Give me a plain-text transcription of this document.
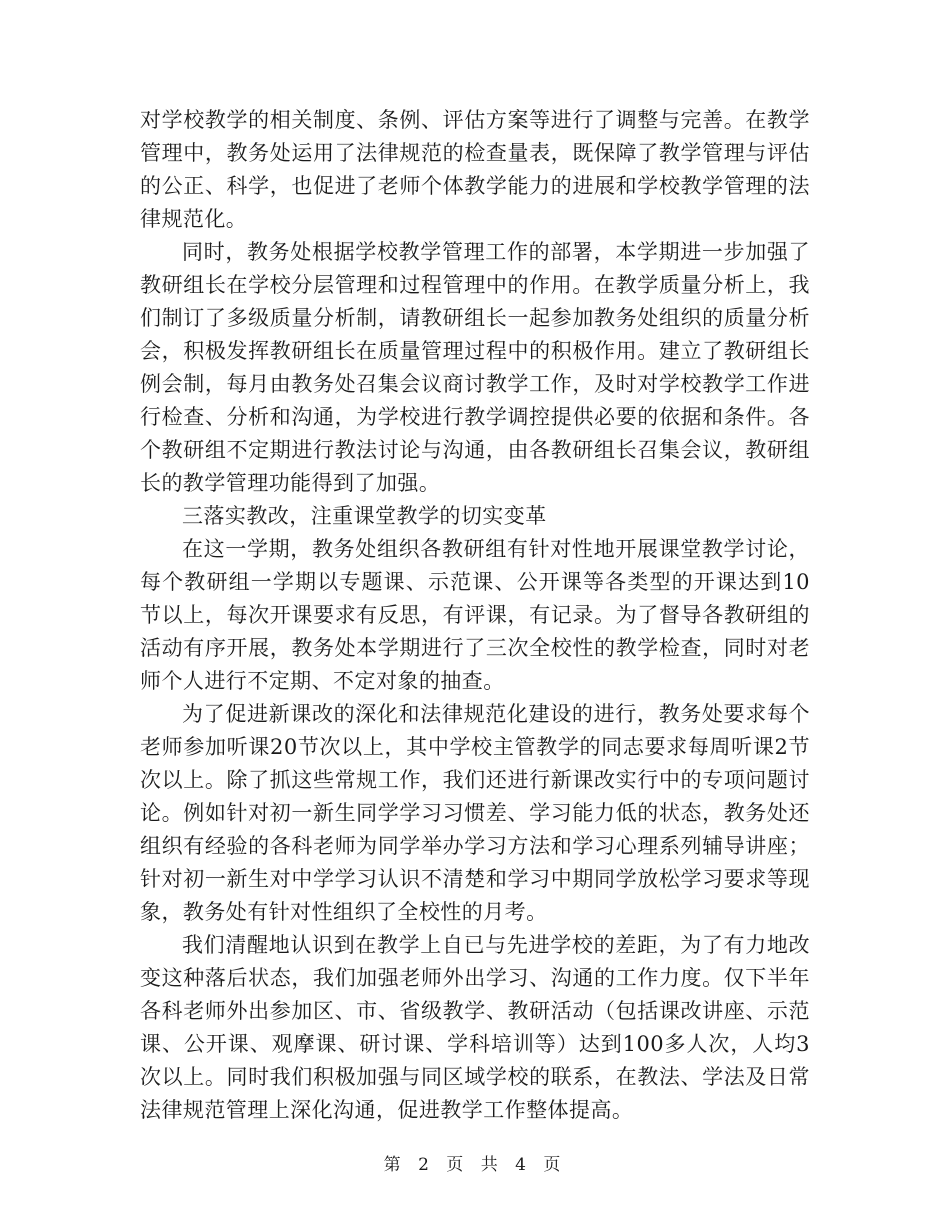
对学校教学的相关制度、条例、评估方案等进行了调整与完善。在教学管理中，教务处运用了法律规范的检查量表，既保障了教学管理与评估的公正、科学，也促进了老师个体教学能力的进展和学校教学管理的法律规范化。

同时，教务处根据学校教学管理工作的部署，本学期进一步加强了教研组长在学校分层管理和过程管理中的作用。在教学质量分析上，我们制订了多级质量分析制，请教研组长一起参加教务处组织的质量分析会，积极发挥教研组长在质量管理过程中的积极作用。建立了教研组长例会制，每月由教务处召集会议商讨教学工作，及时对学校教学工作进行检查、分析和沟通，为学校进行教学调控提供必要的依据和条件。各个教研组不定期进行教法讨论与沟通，由各教研组长召集会议，教研组长的教学管理功能得到了加强。

三落实教改，注重课堂教学的切实变革

在这一学期，教务处组织各教研组有针对性地开展课堂教学讨论，每个教研组一学期以专题课、示范课、公开课等各类型的开课达到10节以上，每次开课要求有反思，有评课，有记录。为了督导各教研组的活动有序开展，教务处本学期进行了三次全校性的教学检查，同时对老师个人进行不定期、不定对象的抽查。

为了促进新课改的深化和法律规范化建设的进行，教务处要求每个老师参加听课20节次以上，其中学校主管教学的同志要求每周听课2节次以上。除了抓这些常规工作，我们还进行新课改实行中的专项问题讨论。例如针对初一新生同学学习习惯差、学习能力低的状态，教务处还组织有经验的各科老师为同学举办学习方法和学习心理系列辅导讲座；针对初一新生对中学学习认识不清楚和学习中期同学放松学习要求等现象，教务处有针对性组织了全校性的月考。

我们清醒地认识到在教学上自已与先进学校的差距，为了有力地改变这种落后状态，我们加强老师外出学习、沟通的工作力度。仅下半年各科老师外出参加区、市、省级教学、教研活动（包括课改讲座、示范课、公开课、观摩课、研讨课、学科培训等）达到100多人次，人均3次以上。同时我们积极加强与同区域学校的联系，在教法、学法及日常法律规范管理上深化沟通，促进教学工作整体提高。

第 2 页 共 4 页
